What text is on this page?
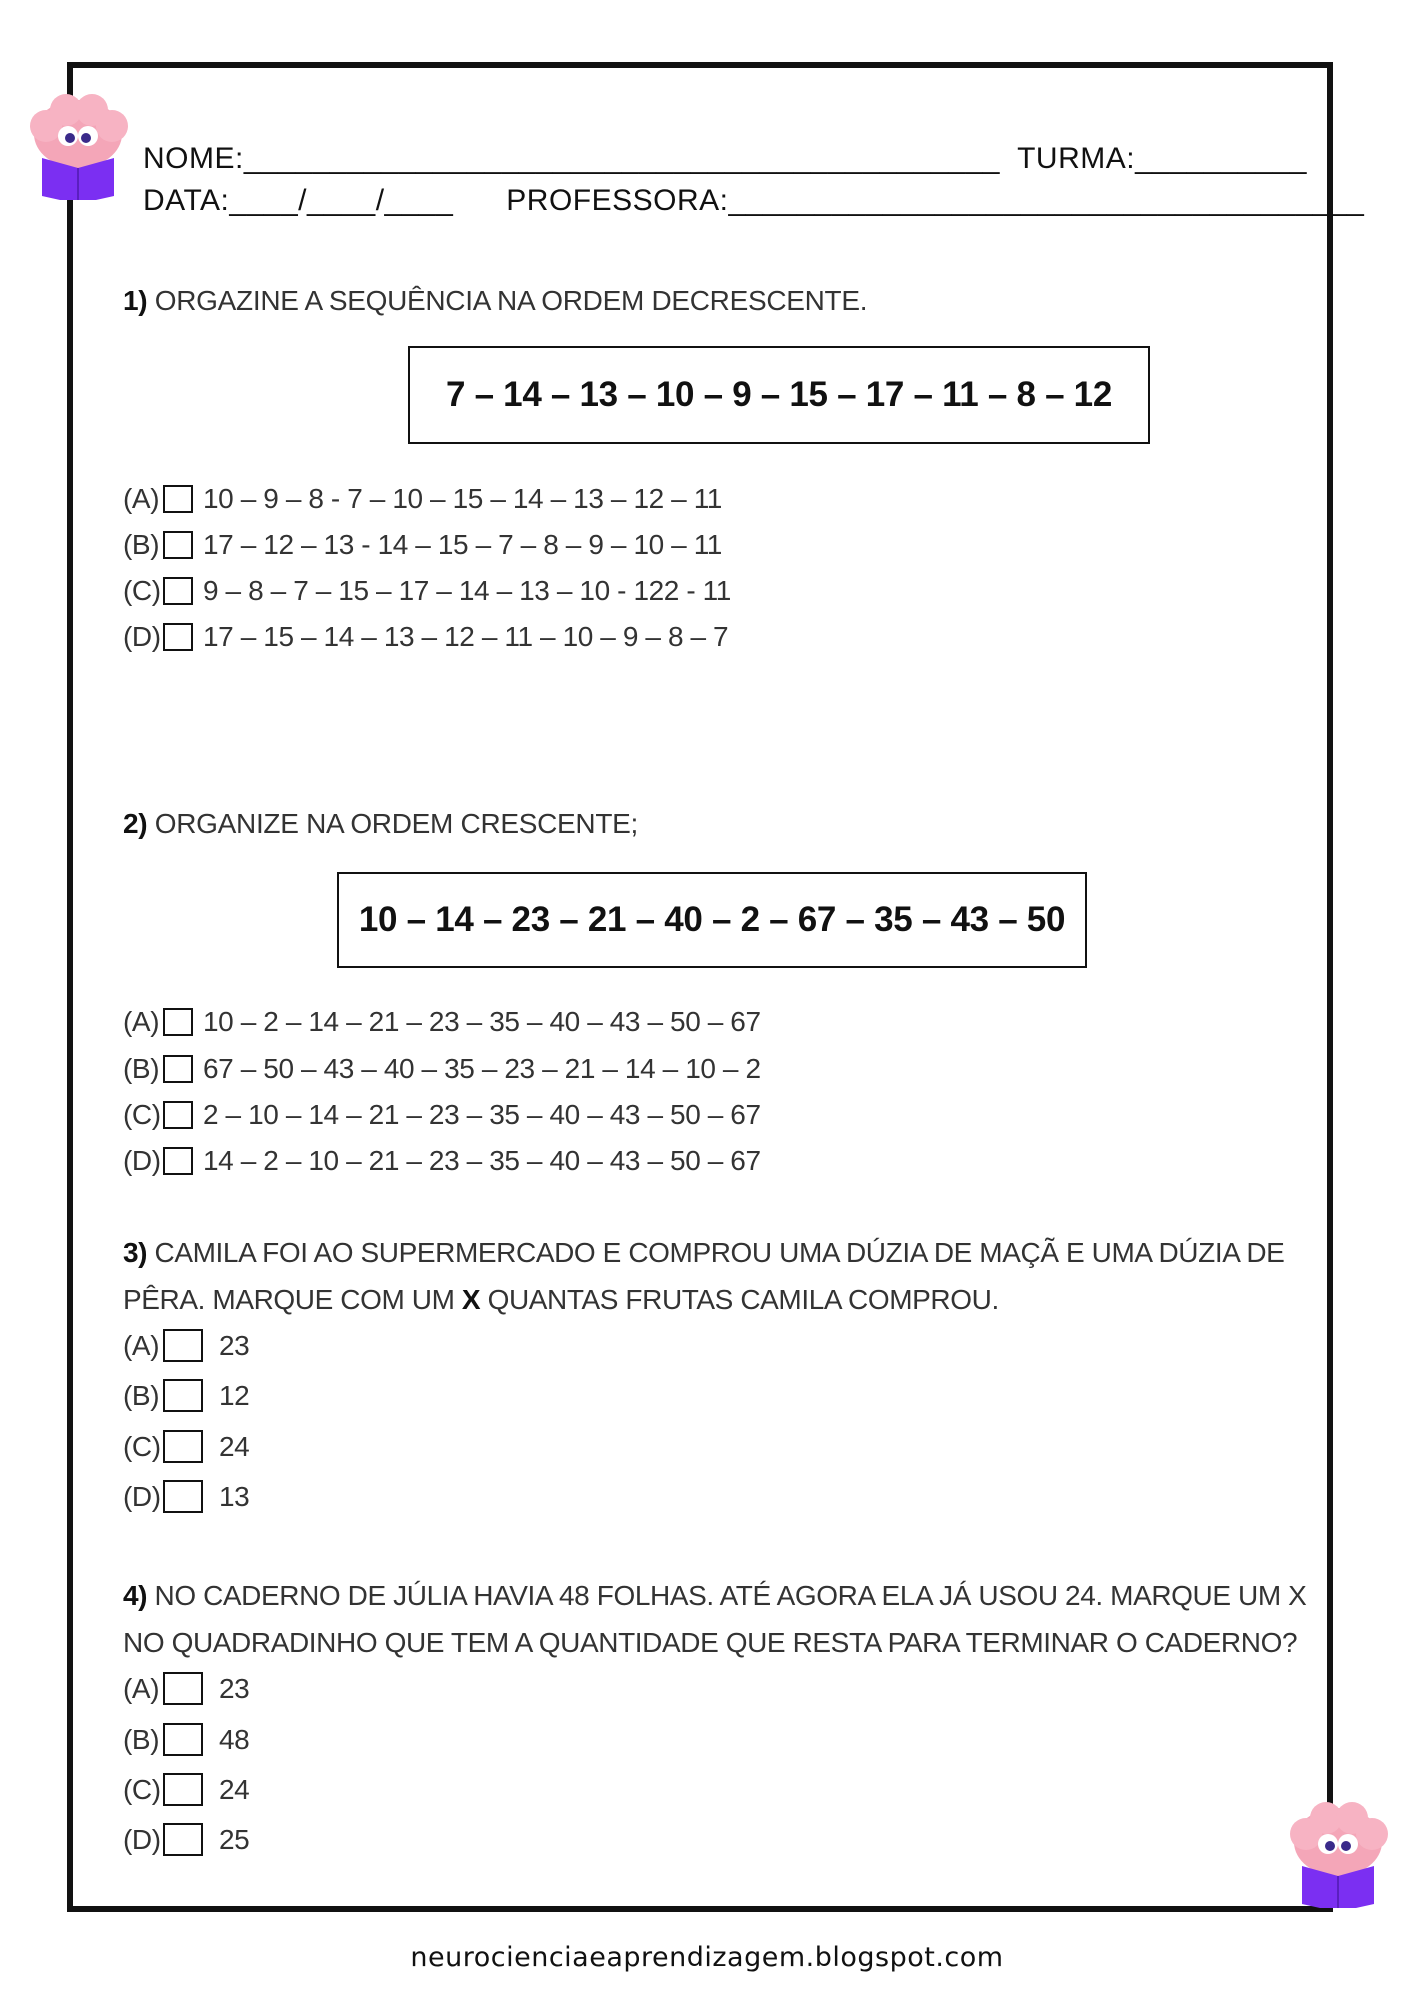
NOME:____________________________________________  TURMA:__________
DATA:____/____/____      PROFESSORA:_____________________________________
1) ORGAZINE A SEQUÊNCIA NA ORDEM DECRESCENTE.
7 – 14 – 13 – 10 – 9 – 15 – 17 – 11 – 8 – 12
(A) 10 – 9 – 8 - 7 – 10 – 15 – 14 – 13 – 12 – 11
(B) 17 – 12 – 13 - 14 – 15 – 7 – 8 – 9 – 10 – 11
(C) 9 – 8 – 7 – 15 – 17 – 14 – 13 – 10 - 122 - 11
(D) 17 – 15 – 14 – 13 – 12 – 11 – 10 – 9 – 8 – 7
2) ORGANIZE NA ORDEM CRESCENTE;
10 – 14 – 23 – 21 – 40 – 2 – 67 – 35 – 43 – 50
(A) 10 – 2 – 14 – 21 – 23 – 35 – 40 – 43 – 50 – 67
(B) 67 – 50 – 43 – 40 – 35 – 23 – 21 – 14 – 10 – 2
(C) 2 – 10 – 14 – 21 – 23 – 35 – 40 – 43 – 50 – 67
(D) 14 – 2 – 10 – 21 – 23 – 35 – 40 – 43 – 50 – 67
3) CAMILA FOI AO SUPERMERCADO E COMPROU UMA DÚZIA DE MAÇÃ E UMA DÚZIA DE PÊRA. MARQUE COM UM X QUANTAS FRUTAS CAMILA COMPROU.
(A) 23
(B) 12
(C) 24
(D) 13
4) NO CADERNO DE JÚLIA HAVIA 48 FOLHAS. ATÉ AGORA ELA JÁ USOU 24. MARQUE UM X NO QUADRADINHO QUE TEM A QUANTIDADE QUE RESTA PARA TERMINAR O CADERNO?
(A) 23
(B) 48
(C) 24
(D) 25
neurocienciaeaprendizagem.blogspot.com
